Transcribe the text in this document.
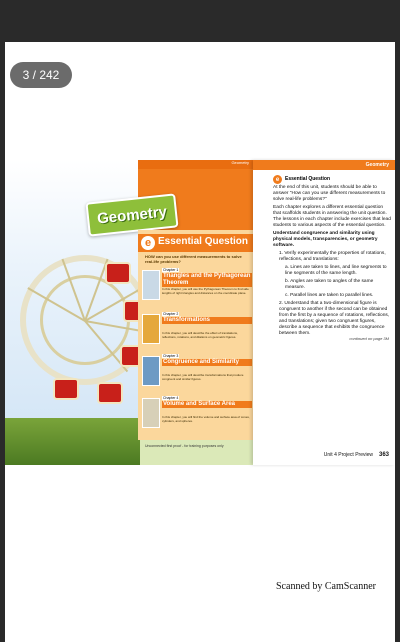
3 / 242
Geometry
Geometry
e Essential Question
HOW can you use different measurements to solve real-life problems?
Chapter 1
Triangles and the Pythagorean Theorem
In this chapter, you will use the Pythagorean Theorem to find side lengths of right triangles and distances on the coordinate plane.
Chapter 2
Transformations
In this chapter, you will describe the effect of translations, reflections, rotations, and dilations on geometric figures.
Chapter 3
Congruence and Similarity
In this chapter, you will describe transformations that produce congruent and similar figures.
Chapter 4
Volume and Surface Area
In this chapter, you will find the volume and surface area of cones, cylinders, and spheres.
Unconnected first proof - for training purposes only
Geometry
e	Essential Question

At the end of this unit, students should be able to answer "How can you use different measurements to solve real-life problems?"

Each chapter explores a different essential question that scaffolds students in answering the unit question. The lessons in each chapter include exercises that lead students to various aspects of the essential question.

Understand congruence and similarity using physical models, transparencies, or geometry software.

1. Verify experimentally the properties of rotations, reflections, and translations:

a. Lines are taken to lines, and line segments to line segments of the same length.

b. Angles are taken to angles of the same measure.

c. Parallel lines are taken to parallel lines.

2. Understand that a two-dimensional figure is congruent to another if the second can be obtained from the first by a sequence of rotations, reflections, and translations; given two congruent figures, describe a sequence that exhibits the congruence between them.

continued on page 3M
Unit 4 Project Preview 363
Scanned by CamScanner
